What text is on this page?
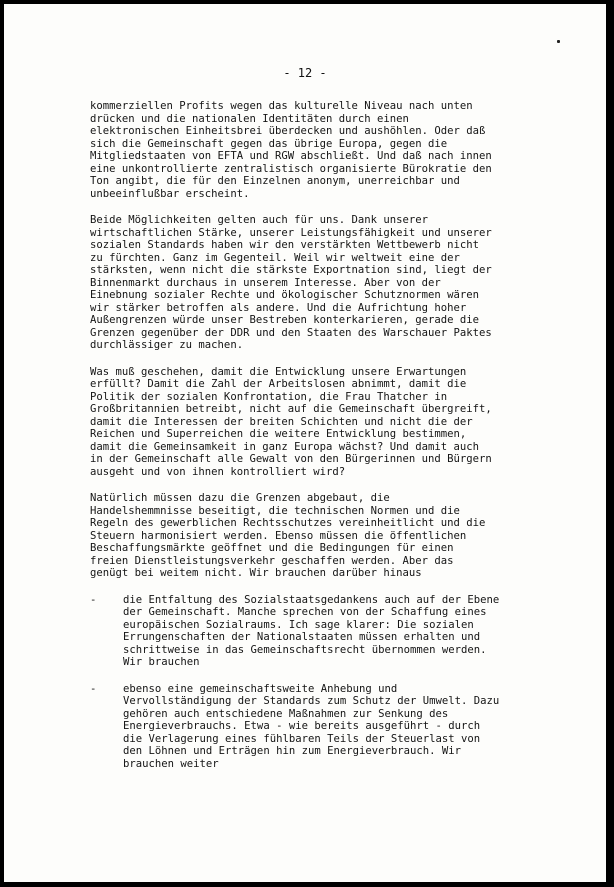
- 12 -

kommerziellen Profits wegen das kulturelle Niveau nach unten
drücken und die nationalen Identitäten durch einen
elektronischen Einheitsbrei überdecken und aushöhlen. Oder daß
sich die Gemeinschaft gegen das übrige Europa, gegen die
Mitgliedstaaten von EFTA und RGW abschließt. Und daß nach innen
eine unkontrollierte zentralistisch organisierte Bürokratie den
Ton angibt, die für den Einzelnen anonym, unerreichbar und
unbeeinflußbar erscheint.

Beide Möglichkeiten gelten auch für uns. Dank unserer
wirtschaftlichen Stärke, unserer Leistungsfähigkeit und unserer
sozialen Standards haben wir den verstärkten Wettbewerb nicht
zu fürchten. Ganz im Gegenteil. Weil wir weltweit eine der
stärksten, wenn nicht die stärkste Exportnation sind, liegt der
Binnenmarkt durchaus in unserem Interesse. Aber von der
Einebnung sozialer Rechte und ökologischer Schutznormen wären
wir stärker betroffen als andere. Und die Aufrichtung hoher
Außengrenzen würde unser Bestreben konterkarieren, gerade die
Grenzen gegenüber der DDR und den Staaten des Warschauer Paktes
durchlässiger zu machen.

Was muß geschehen, damit die Entwicklung unsere Erwartungen
erfüllt? Damit die Zahl der Arbeitslosen abnimmt, damit die
Politik der sozialen Konfrontation, die Frau Thatcher in
Großbritannien betreibt, nicht auf die Gemeinschaft übergreift,
damit die Interessen der breiten Schichten und nicht die der
Reichen und Superreichen die weitere Entwicklung bestimmen,
damit die Gemeinsamkeit in ganz Europa wächst? Und damit auch
in der Gemeinschaft alle Gewalt von den Bürgerinnen und Bürgern
ausgeht und von ihnen kontrolliert wird?

Natürlich müssen dazu die Grenzen abgebaut, die
Handelshemmnisse beseitigt, die technischen Normen und die
Regeln des gewerblichen Rechtsschutzes vereinheitlicht und die
Steuern harmonisiert werden. Ebenso müssen die öffentlichen
Beschaffungsmärkte geöffnet und die Bedingungen für einen
freien Dienstleistungsverkehr geschaffen werden. Aber das
genügt bei weitem nicht. Wir brauchen darüber hinaus

-	die Entfaltung des Sozialstaatsgedankens auch auf der Ebene
der Gemeinschaft. Manche sprechen von der Schaffung eines
europäischen Sozialraums. Ich sage klarer: Die sozialen
Errungenschaften der Nationalstaaten müssen erhalten und
schrittweise in das Gemeinschaftsrecht übernommen werden.
Wir brauchen
-	ebenso eine gemeinschaftsweite Anhebung und
Vervollständigung der Standards zum Schutz der Umwelt. Dazu
gehören auch entschiedene Maßnahmen zur Senkung des
Energieverbrauchs. Etwa - wie bereits ausgeführt - durch
die Verlagerung eines fühlbaren Teils der Steuerlast von
den Löhnen und Erträgen hin zum Energieverbrauch. Wir
brauchen weiter
